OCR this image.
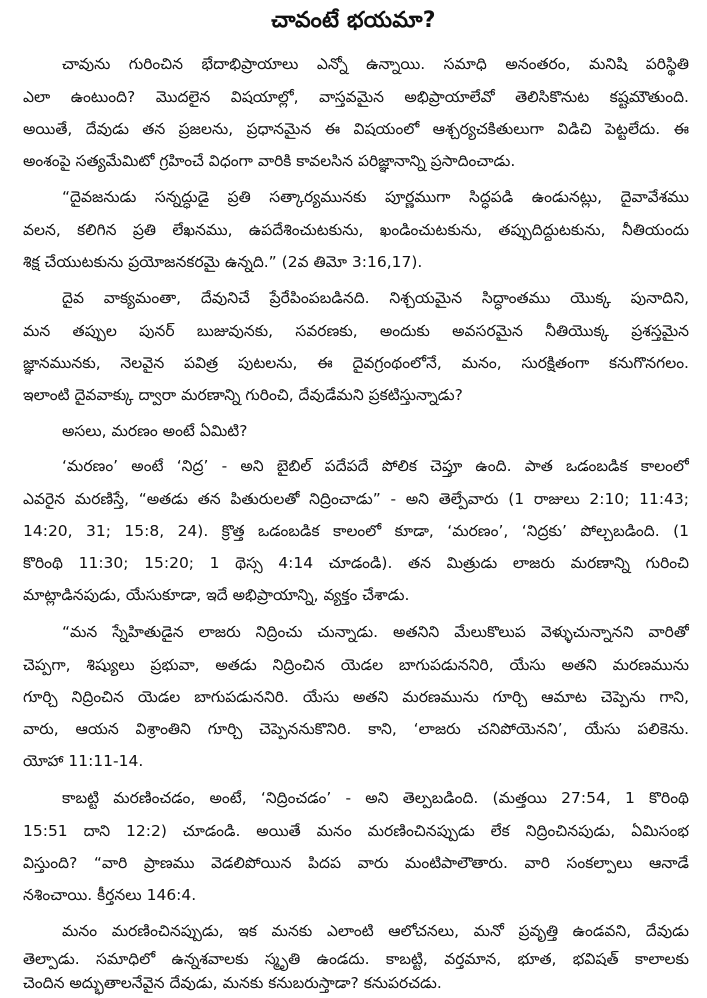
చావంటే భయమా?
చావును గురించిన భేదాభిప్రాయాలు ఎన్నో ఉన్నాయి. సమాధి అనంతరం, మనిషి పరిస్థితి
ఎలా ఉంటుంది? మొదలైన విషయాల్లో, వాస్తవమైన అభిప్రాయాలేవో తెలిసికొనుట కష్టమౌతుంది.
అయితే, దేవుడు తన ప్రజలను, ప్రధానమైన ఈ విషయంలో ఆశ్చర్యచకితులుగా విడిచి పెట్టలేదు. ఈ
అంశంపై సత్యమేమిటో గ్రహించే విధంగా వారికి కావలసిన పరిజ్ఞానాన్ని ప్రసాదించాడు.
“దైవజనుడు సన్నద్ధుడై ప్రతి సత్కార్యమునకు పూర్ణముగా సిద్ధపడి ఉండునట్లు, దైవావేశము
వలన, కలిగిన ప్రతి లేఖనము, ఉపదేశించుటకును, ఖండించుటకును, తప్పుదిద్దుటకును, నీతియందు
శిక్ష చేయుటకును ప్రయోజనకరమై ఉన్నది.” (2వ తిమో 3:16,17).
దైవ వాక్యమంతా, దేవునిచే ప్రేరేపింపబడినది. నిశ్చయమైన సిద్ధాంతము యొక్క పునాదిని,
మన తప్పుల పునర్ బుజువునకు, సవరణకు, అందుకు అవసరమైన నీతియొక్క ప్రశస్తమైన
జ్ఞానమునకు, నెలవైన పవిత్ర పుటలను, ఈ దైవగ్రంథంలోనే, మనం, సురక్షితంగా కనుగొనగలం.
ఇలాంటి దైవవాక్కు ద్వారా మరణాన్ని గురించి, దేవుడేమని ప్రకటిస్తున్నాడు?
అసలు, మరణం అంటే ఏమిటి?
‘మరణం’ అంటే ‘నిద్ర’ - అని బైబిల్ పదేపదే పోలిక చెప్తూ ఉంది. పాత ఒడంబడిక కాలంలో
ఎవరైన మరణిస్తే, “అతడు తన పితురులతో నిద్రించాడు” - అని తెల్పేవారు (1 రాజులు 2:10; 11:43;
14:20, 31; 15:8, 24). క్రొత్త ఒడంబడిక కాలంలో కూడా, ‘మరణం’, ‘నిద్రకు’ పోల్చబడింది. (1
కొరింథి 11:30; 15:20; 1 థెస్స 4:14 చూడండి). తన మిత్రుడు లాజరు మరణాన్ని గురించి
మాట్లాడినపుడు, యేసుకూడా, ఇదే అభిప్రాయాన్ని, వ్యక్తం చేశాడు.
“మన స్నేహితుడైన లాజరు నిద్రించు చున్నాడు. అతనిని మేలుకొలుప వెళ్ళుచున్నానని వారితో
చెప్పగా, శిష్యులు ప్రభువా, అతడు నిద్రించిన యెడల బాగుపడుననిరి, యేసు అతని మరణమును
గూర్చి నిద్రించిన యెడల బాగుపడుననిరి. యేసు అతని మరణమును గూర్చి ఆమాట చెప్పెను గాని,
వారు, ఆయన విశ్రాంతిని గూర్చి చెప్పెననుకొనిరి. కాని, ‘లాజరు చనిపోయెనని’, యేసు పలికెను.
యోహా 11:11-14.
కాబట్టి మరణించడం, అంటే, ‘నిద్రించడం’ - అని తెల్పబడింది. (మత్తయి 27:54, 1 కొరింథి
15:51 దాని 12:2) చూడండి. అయితే మనం మరణించినప్పుడు లేక నిద్రించినపుడు, ఏమిసంభ
విస్తుంది? “వారి ప్రాణము వెడలిపోయిన పిదప వారు మంటిపాలౌతారు. వారి సంకల్పాలు ఆనాడే
నశించాయి. కీర్తనలు 146:4.
మనం మరణించినప్పుడు, ఇక మనకు ఎలాంటి ఆలోచనలు, మనో ప్రవృత్తి ఉండవని, దేవుడు
తెల్పాడు. సమాధిలో ఉన్నశవాలకు స్మృతి ఉండదు. కాబట్టి, వర్తమాన, భూత, భవిషత్ కాలాలకు
చెందిన అద్భుతాలనేవైన దేవుడు, మనకు కనుబరుస్తాడా? కనుపరచడు.
